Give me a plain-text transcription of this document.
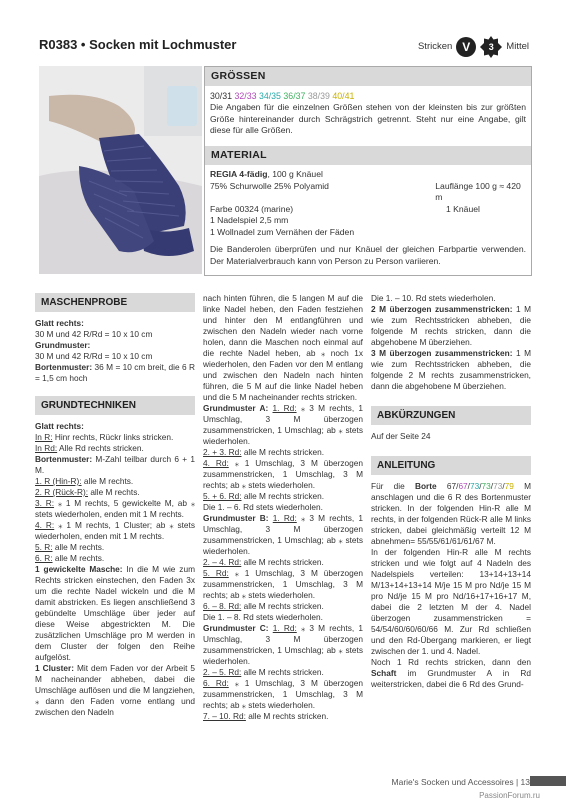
R0383 • Socken mit Lochmuster	Stricken V	3	Mittel
GRÖSSEN
30/31 32/33 34/35 36/37 38/39 40/41
Die Angaben für die einzelnen Größen stehen von der kleinsten bis zur größten Größe hintereinander durch Schrägstrich getrennt. Steht nur eine Angabe, gilt diese für alle Größen.
MATERIAL
REGIA 4-fädig, 100 g Knäuel
75% Schurwolle 25% Polyamid	Lauflänge 100 g ≈ 420 m
Farbe 00324 (marine)	1 Knäuel
1 Nadelspiel 2,5 mm
1 Wollnadel zum Vernähen der Fäden
Die Banderolen überprüfen und nur Knäuel der gleichen Farbpartie verwenden. Der Materialverbrauch kann von Person zu Person variieren.
MASCHENPROBE
Glatt rechts:
30 M und 42 R/Rd = 10 x 10 cm
Grundmuster:
30 M und 42 R/Rd = 10 x 10 cm
Bortenmuster: 36 M = 10 cm breit, die 6 R = 1,5 cm hoch
GRUNDTECHNIKEN
Glatt rechts:
In R: Hinr rechts, Rückr links stricken.
In Rd: Alle Rd rechts stricken.
Bortenmuster: M-Zahl teilbar durch 6 + 1 M.
1. R (Hin-R): alle M rechts.
2. R (Rück-R): alle M rechts.
3. R: ⁎ 1 M rechts, 5 gewickelte M, ab ⁎ stets wiederholen, enden mit 1 M rechts.
4. R: ⁎ 1 M rechts, 1 Cluster; ab ⁎ stets wiederholen, enden mit 1 M rechts.
5. R: alle M rechts.
6. R: alle M rechts.
1 gewickelte Masche: In die M wie zum Rechts stricken einstechen, den Faden 3x um die rechte Nadel wickeln und die M damit abstricken. Es liegen anschließend 3 gebündelte Umschläge über jeder auf diese Weise abgestrickten M. Die zusätzlichen Umschläge pro M werden in dem Cluster der folgen den Reihe aufgelöst.
1 Cluster: Mit dem Faden vor der Arbeit 5 M nacheinander abheben, dabei die Umschläge auflösen und die M langziehen, ⁎ dann den Faden vorne entlang und zwischen den Nadeln
nach hinten führen, die 5 langen M auf die linke Nadel heben, den Faden festziehen und hinter den M entlangführen und zwischen den Nadeln wieder nach vorne holen, dann die Maschen noch einmal auf die rechte Nadel heben, ab ⁎ noch 1x wiederholen, den Faden vor den M entlang und zwischen den Nadeln nach hinten führen, die 5 M auf die linke Nadel heben und die 5 M nacheinander rechts stricken.
Grundmuster A: 1. Rd: ⁎ 3 M rechts, 1 Umschlag, 3 M überzogen zusammenstricken, 1 Umschlag; ab ⁎ stets wiederholen.
2. + 3. Rd: alle M rechts stricken.
4. Rd: ⁎ 1 Umschlag, 3 M überzogen zusammenstricken, 1 Umschlag, 3 M rechts; ab ⁎ stets wiederholen.
5. + 6. Rd: alle M rechts stricken.
Die 1. – 6. Rd stets wiederholen.
Grundmuster B: 1. Rd: ⁎ 3 M rechts, 1 Umschlag, 3 M überzogen zusammenstricken, 1 Umschlag; ab ⁎ stets wiederholen.
2. – 4. Rd: alle M rechts stricken.
5. Rd: ⁎ 1 Umschlag, 3 M überzogen zusammenstricken, 1 Umschlag, 3 M rechts; ab ⁎ stets wiederholen.
6. – 8. Rd: alle M rechts stricken.
Die 1. – 8. Rd stets wiederholen.
Grundmuster C: 1. Rd: ⁎ 3 M rechts, 1 Umschlag, 3 M überzogen zusammenstricken, 1 Umschlag; ab ⁎ stets wiederholen.
2. – 5. Rd: alle M rechts stricken.
6. Rd: ⁎ 1 Umschlag, 3 M überzogen zusammenstricken, 1 Umschlag, 3 M rechts; ab ⁎ stets wiederholen.
7. – 10. Rd: alle M rechts stricken.
Die 1. – 10. Rd stets wiederholen.
2 M überzogen zusammenstricken: 1 M wie zum Rechtsstricken abheben, die folgende M rechts stricken, dann die abgehobene M überziehen.
3 M überzogen zusammenstricken: 1 M wie zum Rechtsstricken abheben, die folgende 2 M rechts zusammenstricken, dann die abgehobene M überziehen.
ABKÜRZUNGEN
Auf der Seite 24
ANLEITUNG
Für die Borte 67/67/73/73/73/79 M anschlagen und die 6 R des Bortenmuster stricken. In der folgenden Hin-R alle M rechts, in der folgenden Rück-R alle M links stricken, dabei gleichmäßig verteilt 12 M abnehmen= 55/55/61/61/61/67 M.
In der folgenden Hin-R alle M rechts stricken und wie folgt auf 4 Nadeln des Nadelspiels verteilen: 13+14+13+14 M/13+14+13+14 M/je 15 M pro Nd/je 15 M pro Nd/je 15 M pro Nd/16+17+16+17 M, dabei die 2 letzten M der 4. Nadel überzogen zusammenstricken = 54/54/60/60/60/66 M. Zur Rd schließen und den Rd-Übergang markieren, er liegt zwischen der 1. und 4. Nadel.
Noch 1 Rd rechts stricken, dann den Schaft im Grundmuster A in Rd weiterstricken, dabei die 6 Rd des Grund-
Marie's Socken und Accessoires | 13
PassionForum.ru
